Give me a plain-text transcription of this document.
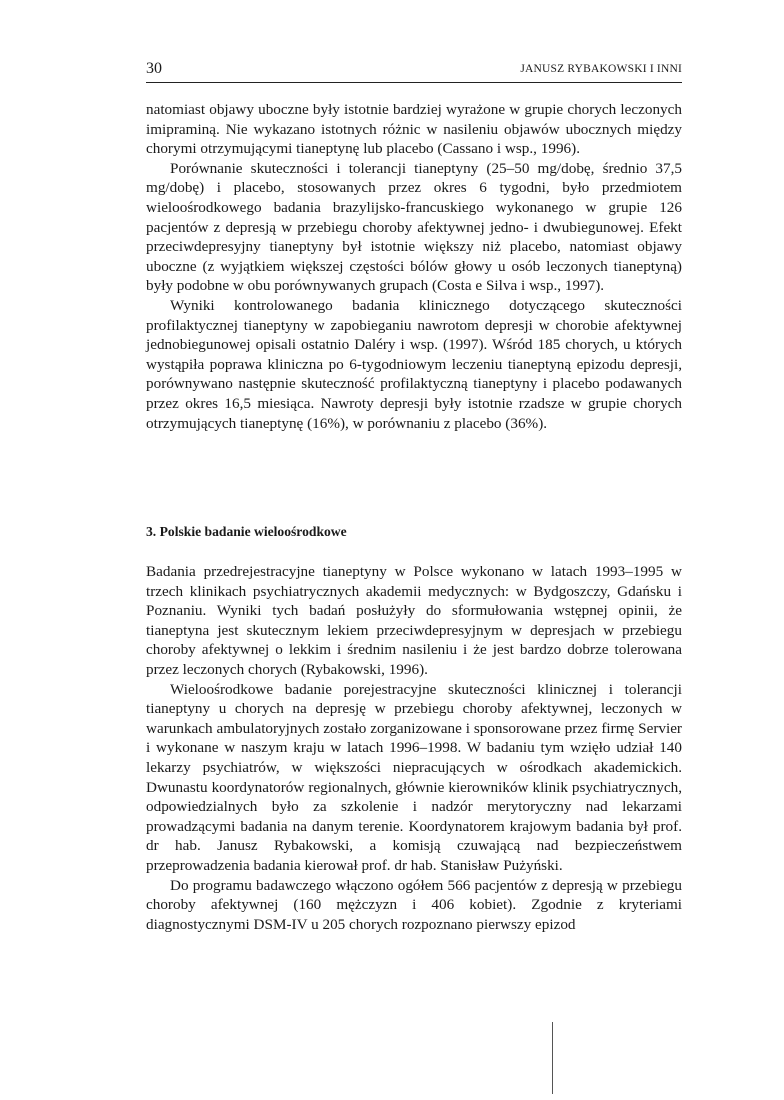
30	JANUSZ RYBAKOWSKI I INNI

natomiast objawy uboczne były istotnie bardziej wyrażone w grupie chorych leczonych imipraminą. Nie wykazano istotnych różnic w nasileniu objawów ubocznych między chorymi otrzymującymi tianeptynę lub placebo (Cassano i wsp., 1996).

Porównanie skuteczności i tolerancji tianeptyny (25–50 mg/dobę, średnio 37,5 mg/dobę) i placebo, stosowanych przez okres 6 tygodni, było przedmiotem wieloośrodkowego badania brazylijsko-francuskiego wykonanego w grupie 126 pacjentów z depresją w przebiegu choroby afektywnej jedno- i dwubiegunowej. Efekt przeciwdepresyjny tianeptyny był istotnie większy niż placebo, natomiast objawy uboczne (z wyjątkiem większej częstości bólów głowy u osób leczonych tianeptyną) były podobne w obu porównywanych grupach (Costa e Silva i wsp., 1997).

Wyniki kontrolowanego badania klinicznego dotyczącego skuteczności profilaktycznej tianeptyny w zapobieganiu nawrotom depresji w chorobie afektywnej jednobiegunowej opisali ostatnio Daléry i wsp. (1997). Wśród 185 chorych, u których wystąpiła poprawa kliniczna po 6-tygodniowym leczeniu tianeptyną epizodu depresji, porównywano następnie skuteczność profilaktyczną tianeptyny i placebo podawanych przez okres 16,5 miesiąca. Nawroty depresji były istotnie rzadsze w grupie chorych otrzymujących tianeptynę (16%), w porównaniu z placebo (36%).

3. Polskie badanie wieloośrodkowe

Badania przedrejestracyjne tianeptyny w Polsce wykonano w latach 1993–1995 w trzech klinikach psychiatrycznych akademii medycznych: w Bydgoszczy, Gdańsku i Poznaniu. Wyniki tych badań posłużyły do sformułowania wstępnej opinii, że tianeptyna jest skutecznym lekiem przeciwdepresyjnym w depresjach w przebiegu choroby afektywnej o lekkim i średnim nasileniu i że jest bardzo dobrze tolerowana przez leczonych chorych (Rybakowski, 1996).

Wieloośrodkowe badanie porejestracyjne skuteczności klinicznej i tolerancji tianeptyny u chorych na depresję w przebiegu choroby afektywnej, leczonych w warunkach ambulatoryjnych zostało zorganizowane i sponsorowane przez firmę Servier i wykonane w naszym kraju w latach 1996–1998. W badaniu tym wzięło udział 140 lekarzy psychiatrów, w większości niepracujących w ośrodkach akademickich. Dwunastu koordynatorów regionalnych, głównie kierowników klinik psychiatrycznych, odpowiedzialnych było za szkolenie i nadzór merytoryczny nad lekarzami prowadzącymi badania na danym terenie. Koordynatorem krajowym badania był prof. dr hab. Janusz Rybakowski, a komisją czuwającą nad bezpieczeństwem przeprowadzenia badania kierował prof. dr hab. Stanisław Pużyński.

Do programu badawczego włączono ogółem 566 pacjentów z depresją w przebiegu choroby afektywnej (160 mężczyzn i 406 kobiet). Zgodnie z kryteriami diagnostycznymi DSM-IV u 205 chorych rozpoznano pierwszy epizod
